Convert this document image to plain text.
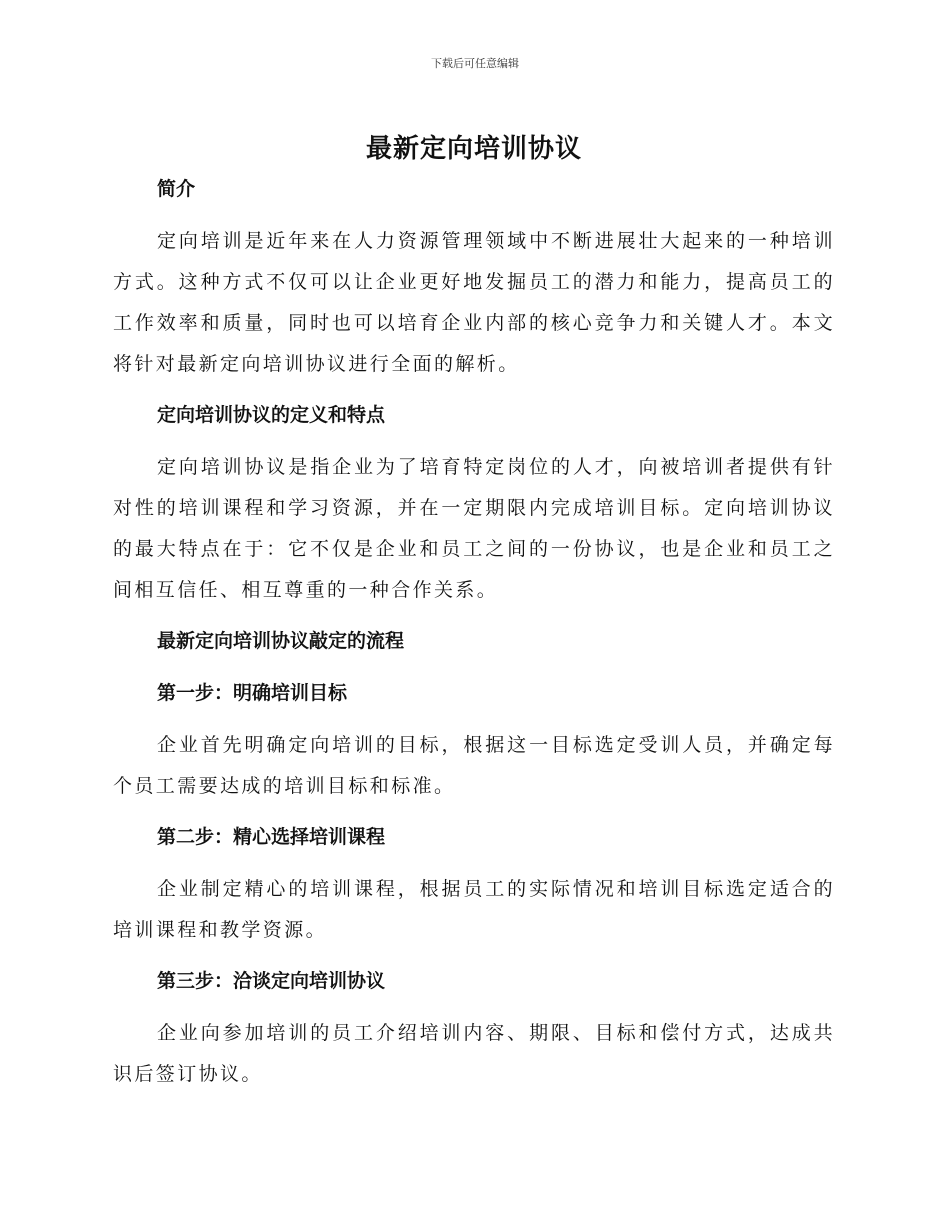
下载后可任意编辑
最新定向培训协议
简介

定向培训是近年来在人力资源管理领域中不断进展壮大起来的一种培训方式。这种方式不仅可以让企业更好地发掘员工的潜力和能力，提高员工的工作效率和质量，同时也可以培育企业内部的核心竞争力和关键人才。本文将针对最新定向培训协议进行全面的解析。

定向培训协议的定义和特点

定向培训协议是指企业为了培育特定岗位的人才，向被培训者提供有针对性的培训课程和学习资源，并在一定期限内完成培训目标。定向培训协议的最大特点在于：它不仅是企业和员工之间的一份协议，也是企业和员工之间相互信任、相互尊重的一种合作关系。

最新定向培训协议敲定的流程
第一步：明确培训目标

企业首先明确定向培训的目标，根据这一目标选定受训人员，并确定每个员工需要达成的培训目标和标准。

第二步：精心选择培训课程

企业制定精心的培训课程，根据员工的实际情况和培训目标选定适合的培训课程和教学资源。

第三步：洽谈定向培训协议

企业向参加培训的员工介绍培训内容、期限、目标和偿付方式，达成共识后签订协议。
